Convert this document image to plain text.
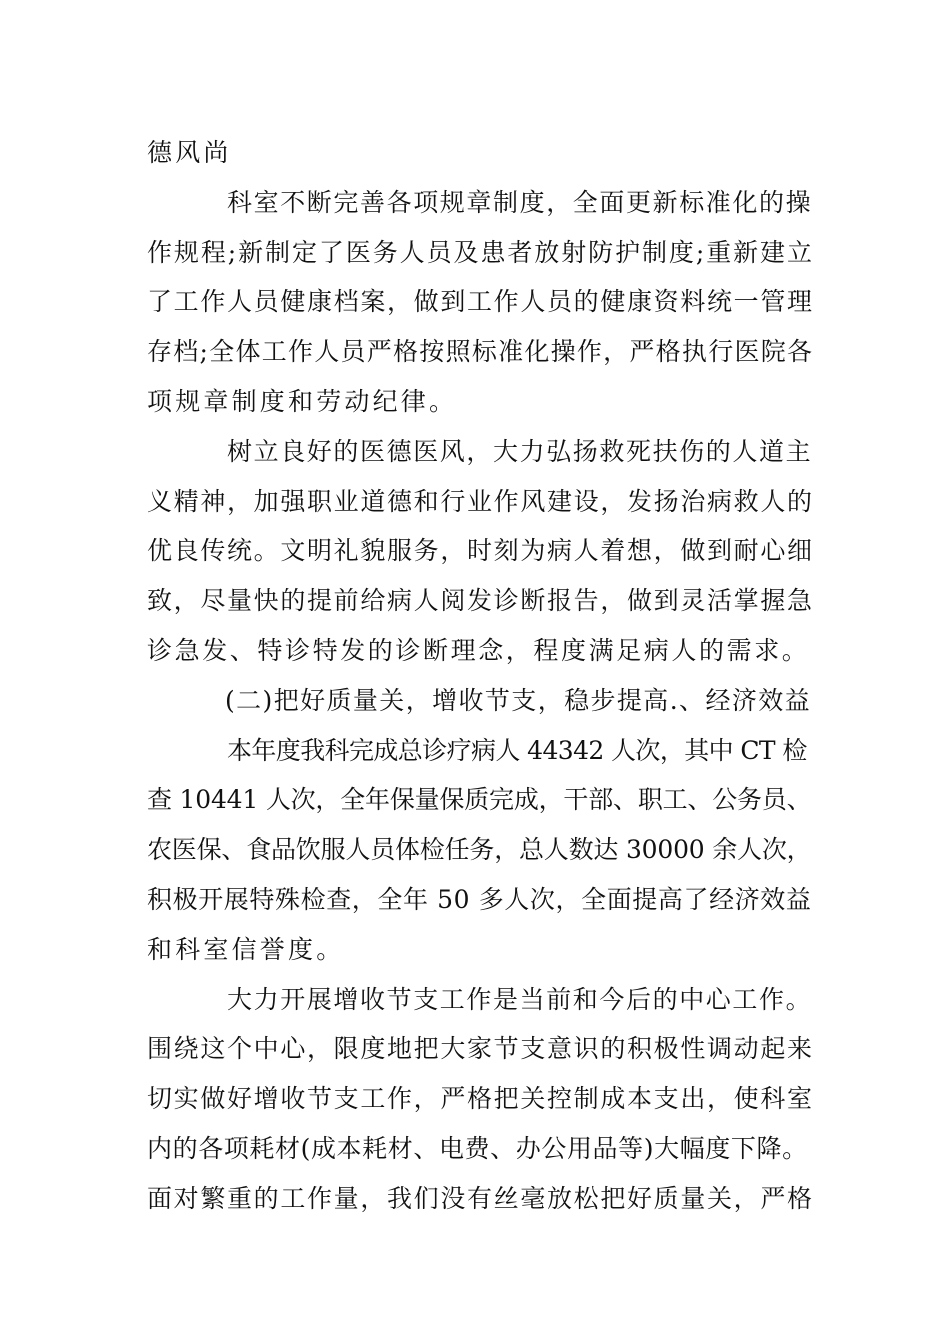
德风尚
科室不断完善各项规章制度，全面更新标准化的操
作规程;新制定了医务人员及患者放射防护制度;重新建立
了工作人员健康档案，做到工作人员的健康资料统一管理
存档;全体工作人员严格按照标准化操作，严格执行医院各
项规章制度和劳动纪律。
树立良好的医德医风，大力弘扬救死扶伤的人道主
义精神，加强职业道德和行业作风建设，发扬治病救人的
优良传统。文明礼貌服务，时刻为病人着想，做到耐心细
致，尽量快的提前给病人阅发诊断报告，做到灵活掌握急
诊急发、特诊特发的诊断理念，程度满足病人的需求。
(二)把好质量关，增收节支，稳步提高.、经济效益
本年度我科完成总诊疗病人 44342 人次，其中 CT 检
查 10441 人次，全年保量保质完成，干部、职工、公务员、
农医保、食品饮服人员体检任务，总人数达 30000 余人次，
积极开展特殊检查，全年 50 多人次，全面提高了经济效益
和科室信誉度。
大力开展增收节支工作是当前和今后的中心工作。
围绕这个中心，限度地把大家节支意识的积极性调动起来
切实做好增收节支工作，严格把关控制成本支出，使科室
内的各项耗材(成本耗材、电费、办公用品等)大幅度下降。
面对繁重的工作量，我们没有丝毫放松把好质量关，严格
